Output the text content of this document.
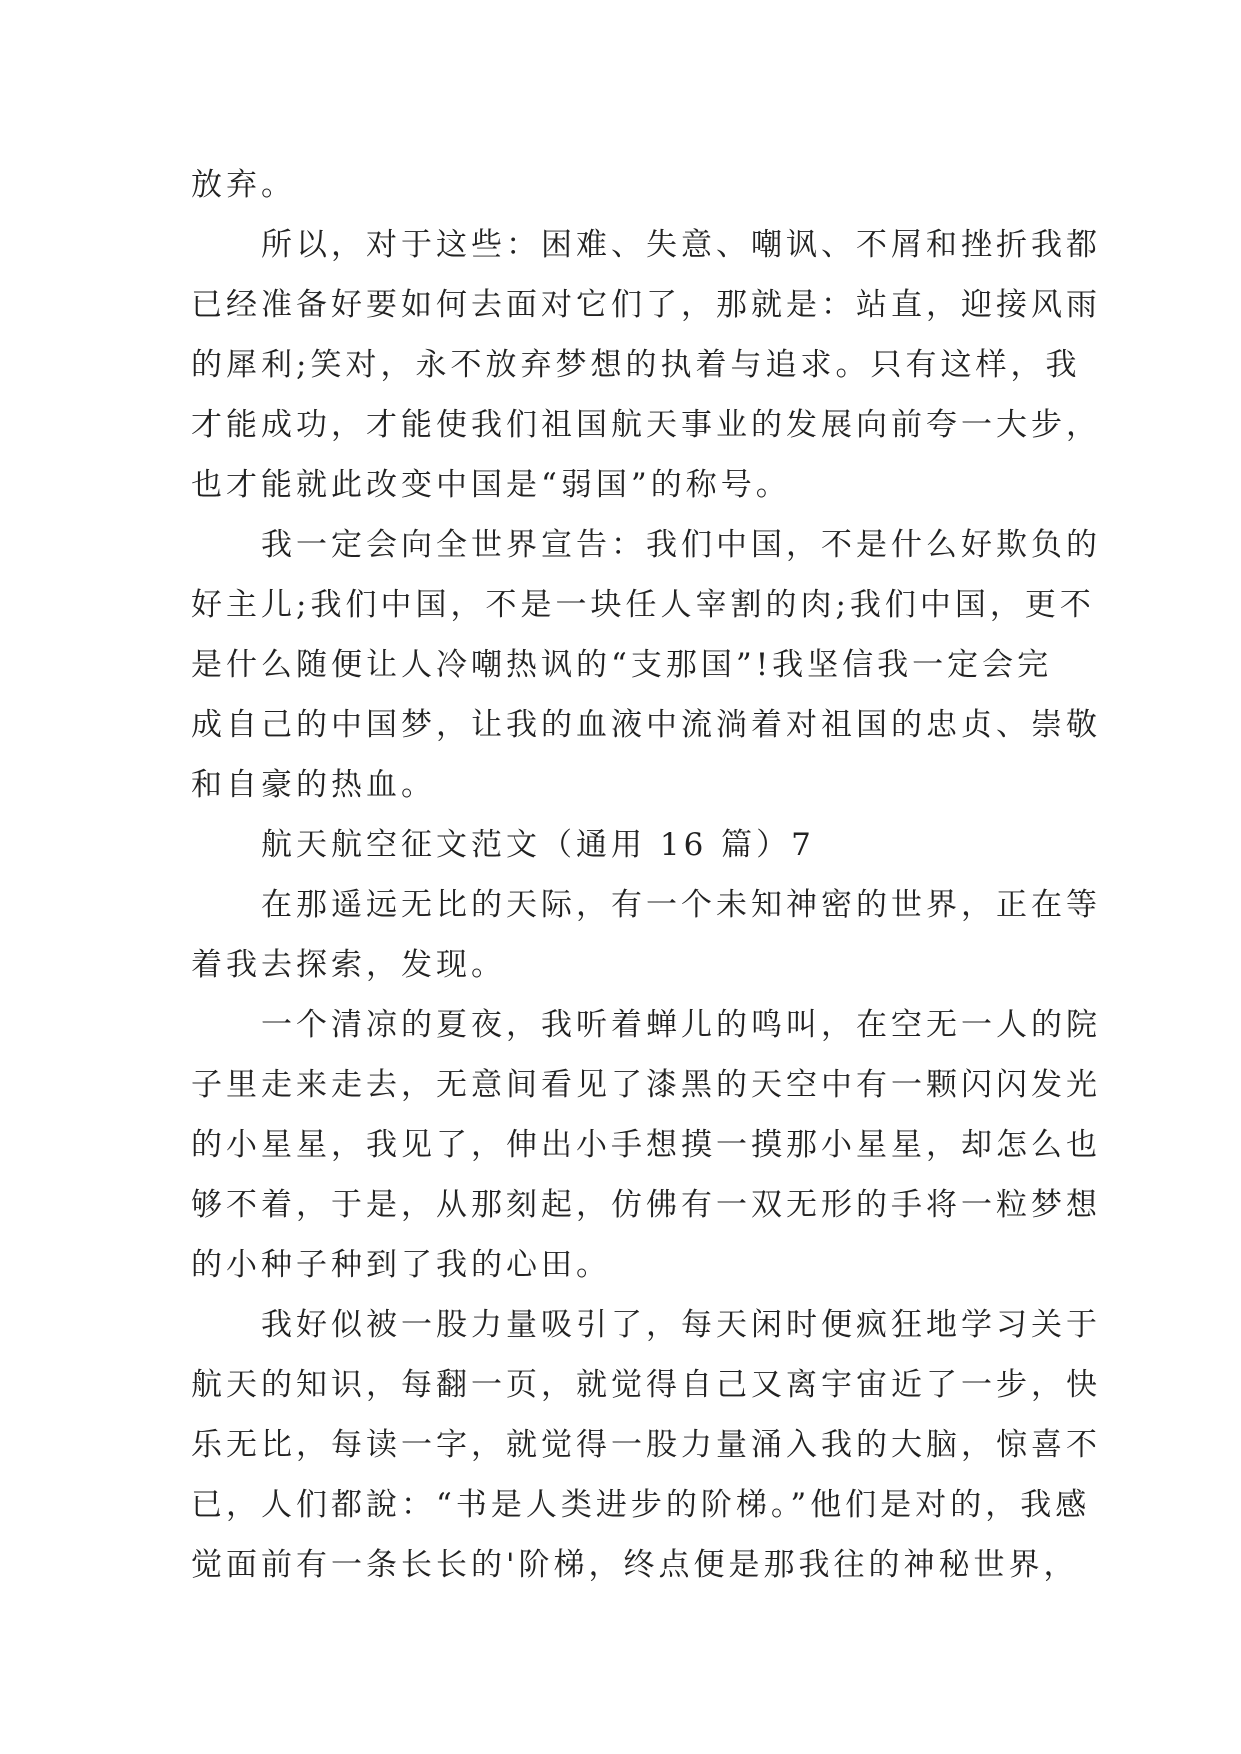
放弃。

　　所以，对于这些：困难、失意、嘲讽、不屑和挫折我都

已经准备好要如何去面对它们了，那就是：站直，迎接风雨

的犀利;笑对，永不放弃梦想的执着与追求。只有这样，我

才能成功，才能使我们祖国航天事业的发展向前夸一大步，

也才能就此改变中国是“弱国”的称号。

　　我一定会向全世界宣告：我们中国，不是什么好欺负的

好主儿;我们中国，不是一块任人宰割的肉;我们中国，更不

是什么随便让人冷嘲热讽的“支那国”!我坚信我一定会完

成自己的中国梦，让我的血液中流淌着对祖国的忠贞、崇敬

和自豪的热血。

　　航天航空征文范文（通用 16 篇）7

　　在那遥远无比的天际，有一个未知神密的世界，正在等

着我去探索，发现。

　　一个清凉的夏夜，我听着蝉儿的鸣叫，在空无一人的院

子里走来走去，无意间看见了漆黑的天空中有一颗闪闪发光

的小星星，我见了，伸出小手想摸一摸那小星星，却怎么也

够不着，于是，从那刻起，仿佛有一双无形的手将一粒梦想

的小种子种到了我的心田。

　　我好似被一股力量吸引了，每天闲时便疯狂地学习关于

航天的知识，每翻一页，就觉得自己又离宇宙近了一步，快

乐无比，每读一字，就觉得一股力量涌入我的大脑，惊喜不

已，人们都說：“书是人类进步的阶梯。”他们是对的，我感

觉面前有一条长长的'阶梯，终点便是那我往的神秘世界，
